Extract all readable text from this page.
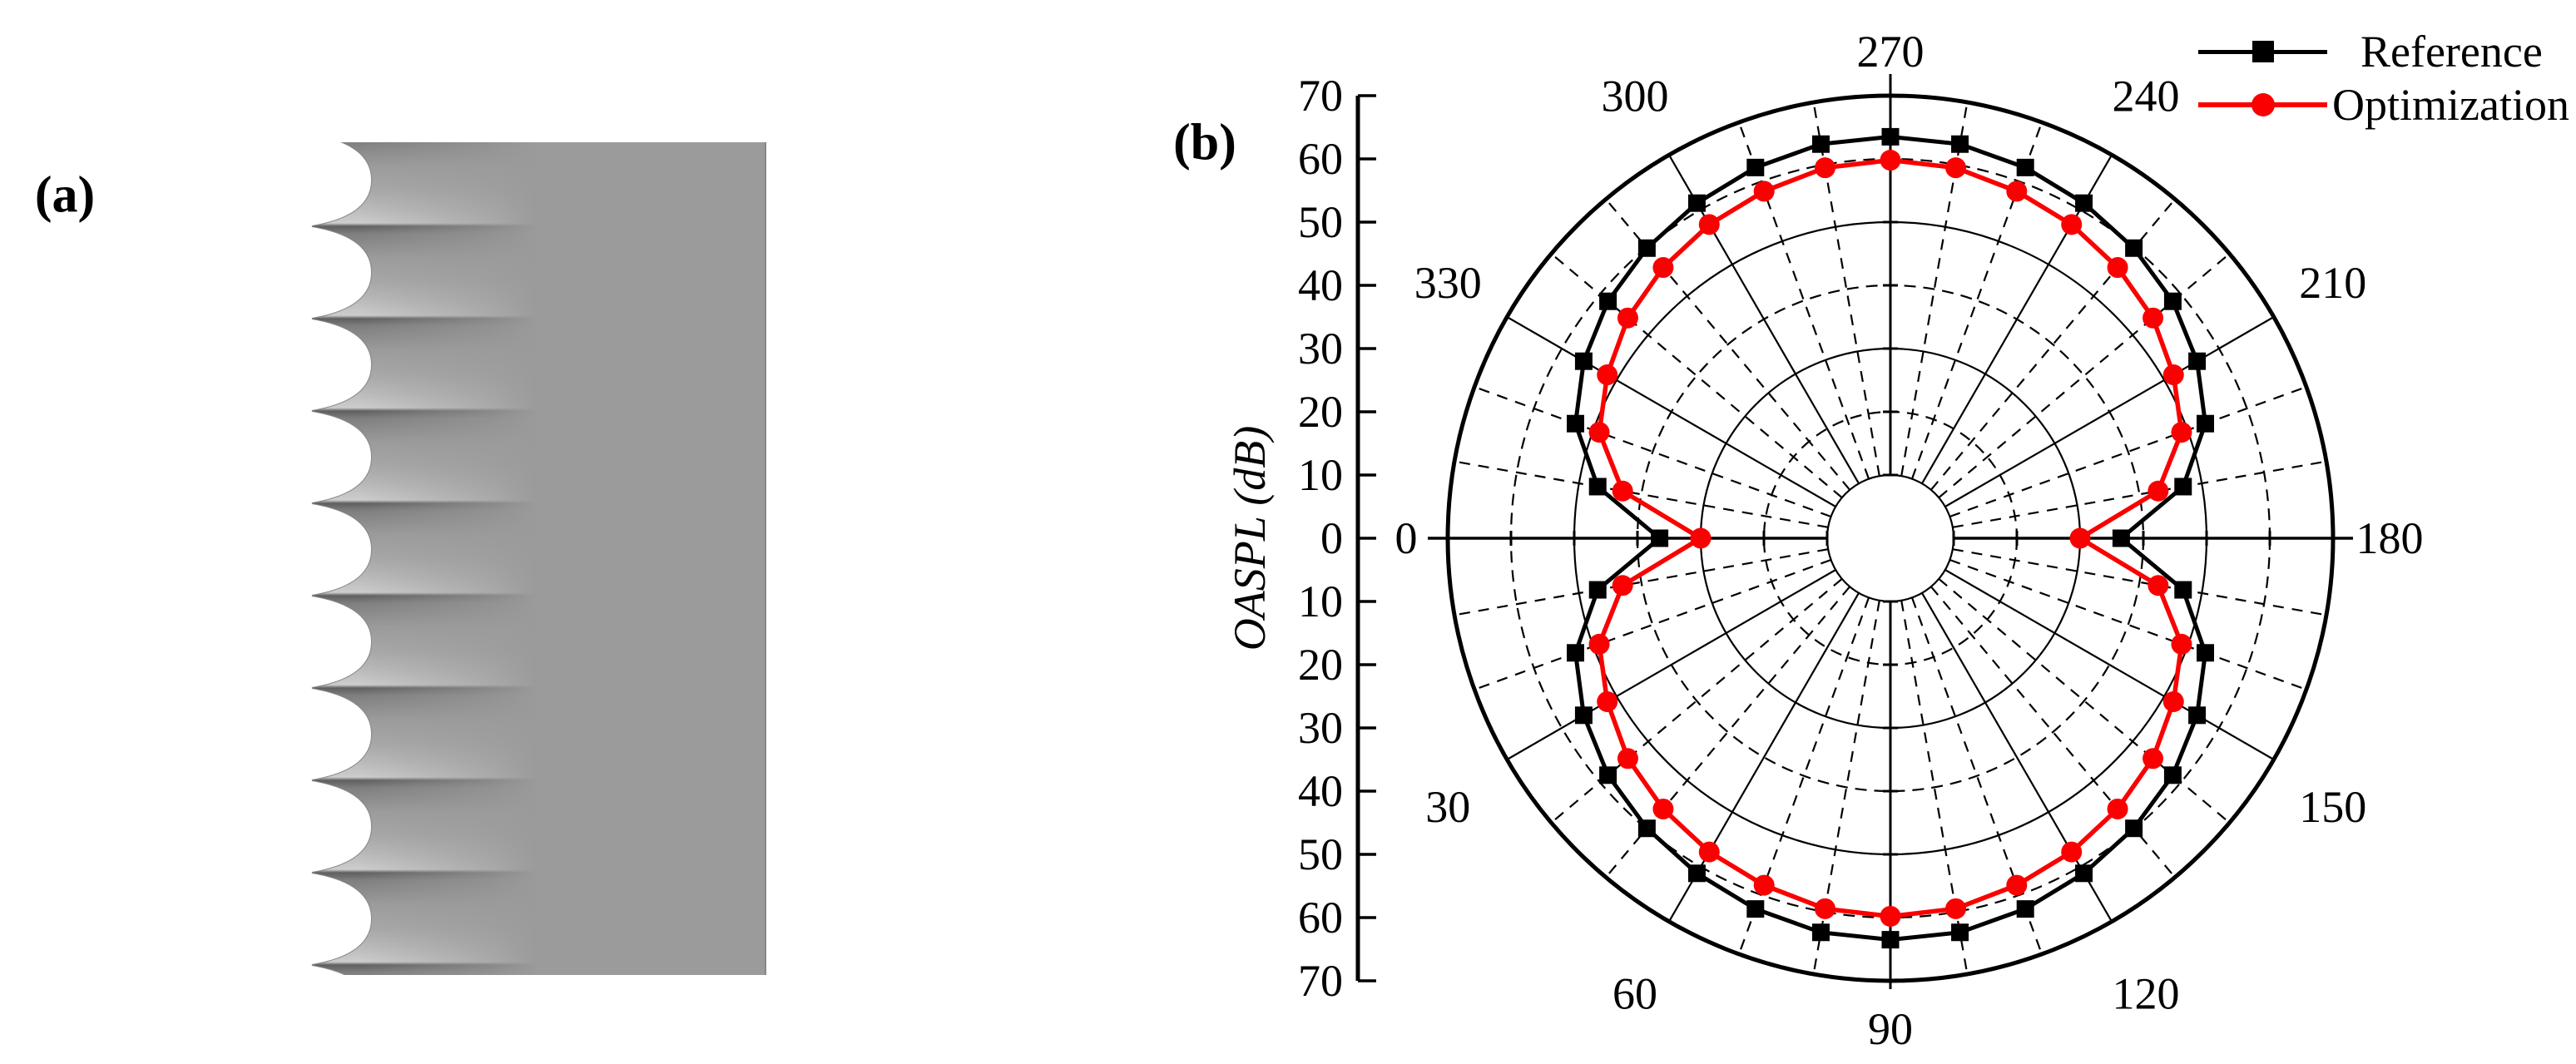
70
60
50
40
30
20
10
0
10
20
30
40
50
60
70
0
30
60
90
120
150
180
210
240
270
300
330
(a)
(b)
OASPL (dB)
Reference
Optimization
